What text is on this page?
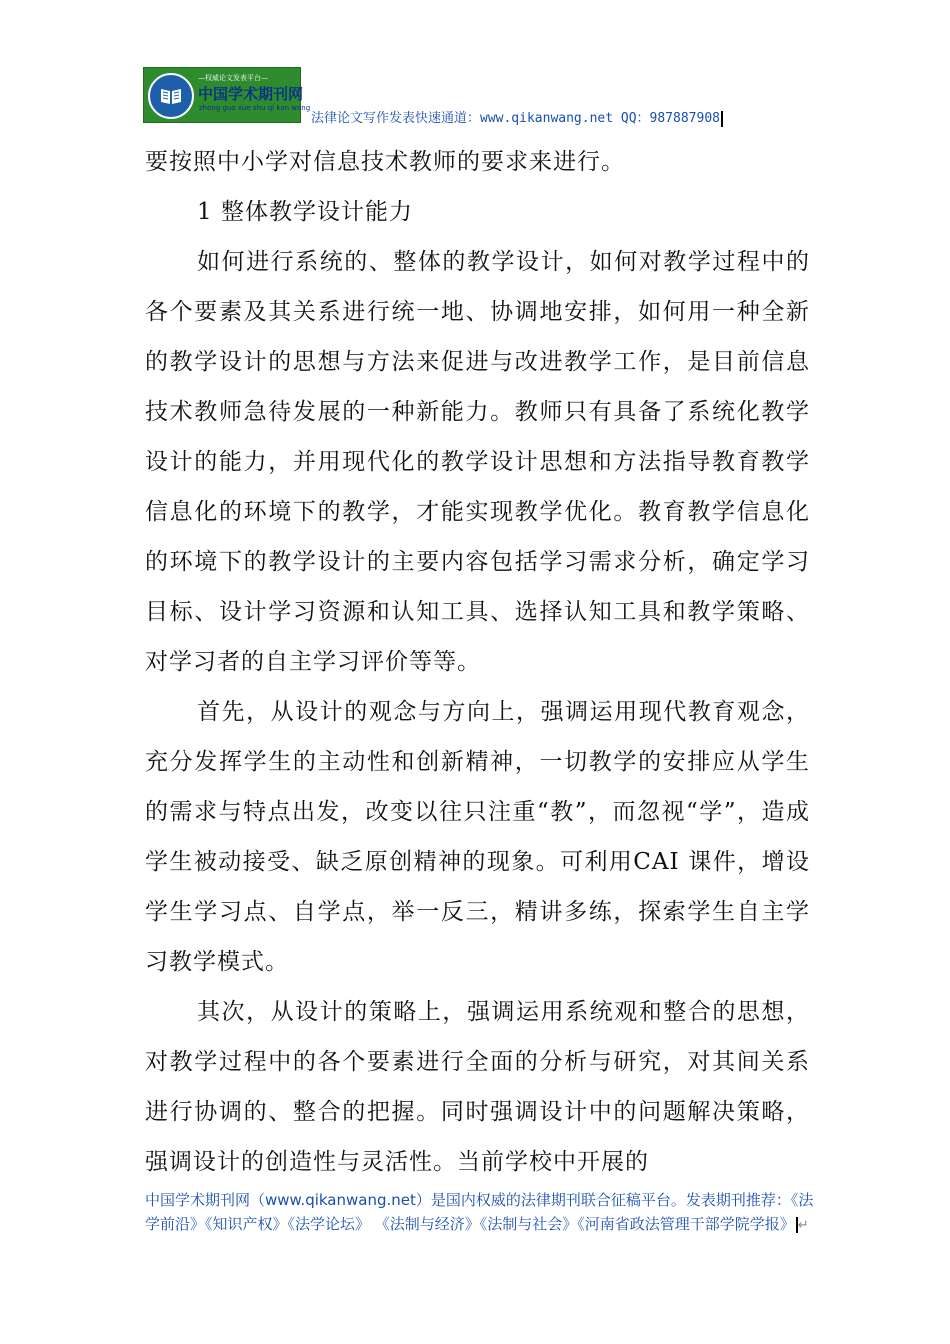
—权威论文发表平台—
中国学术期刊网
zhong guo xue shu qi kan wang
法律论文写作发表快速通道：www.qikanwang.net QQ：987887908

要按照中小学对信息技术教师的要求来进行。

1 整体教学设计能力

如何进行系统的、整体的教学设计，如何对教学过程中的各个要素及其关系进行统一地、协调地安排，如何用一种全新的教学设计的思想与方法来促进与改进教学工作，是目前信息技术教师急待发展的一种新能力。教师只有具备了系统化教学设计的能力，并用现代化的教学设计思想和方法指导教育教学信息化的环境下的教学，才能实现教学优化。教育教学信息化的环境下的教学设计的主要内容包括学习需求分析，确定学习目标、设计学习资源和认知工具、选择认知工具和教学策略、对学习者的自主学习评价等等。

首先，从设计的观念与方向上，强调运用现代教育观念，充分发挥学生的主动性和创新精神，一切教学的安排应从学生的需求与特点出发，改变以往只注重“教”，而忽视“学”，造成学生被动接受、缺乏原创精神的现象。可利用CAI 课件，增设学生学习点、自学点，举一反三，精讲多练，探索学生自主学习教学模式。

其次，从设计的策略上，强调运用系统观和整合的思想，对教学过程中的各个要素进行全面的分析与研究，对其间关系进行协调的、整合的把握。同时强调设计中的问题解决策略，强调设计的创造性与灵活性。当前学校中开展的

中国学术期刊网（www.qikanwang.net）是国内权威的法律期刊联合征稿平台。发表期刊推荐：《法学前沿》《知识产权》《法学论坛》 《法制与经济》《法制与社会》《河南省政法管理干部学院学报》 ↵
